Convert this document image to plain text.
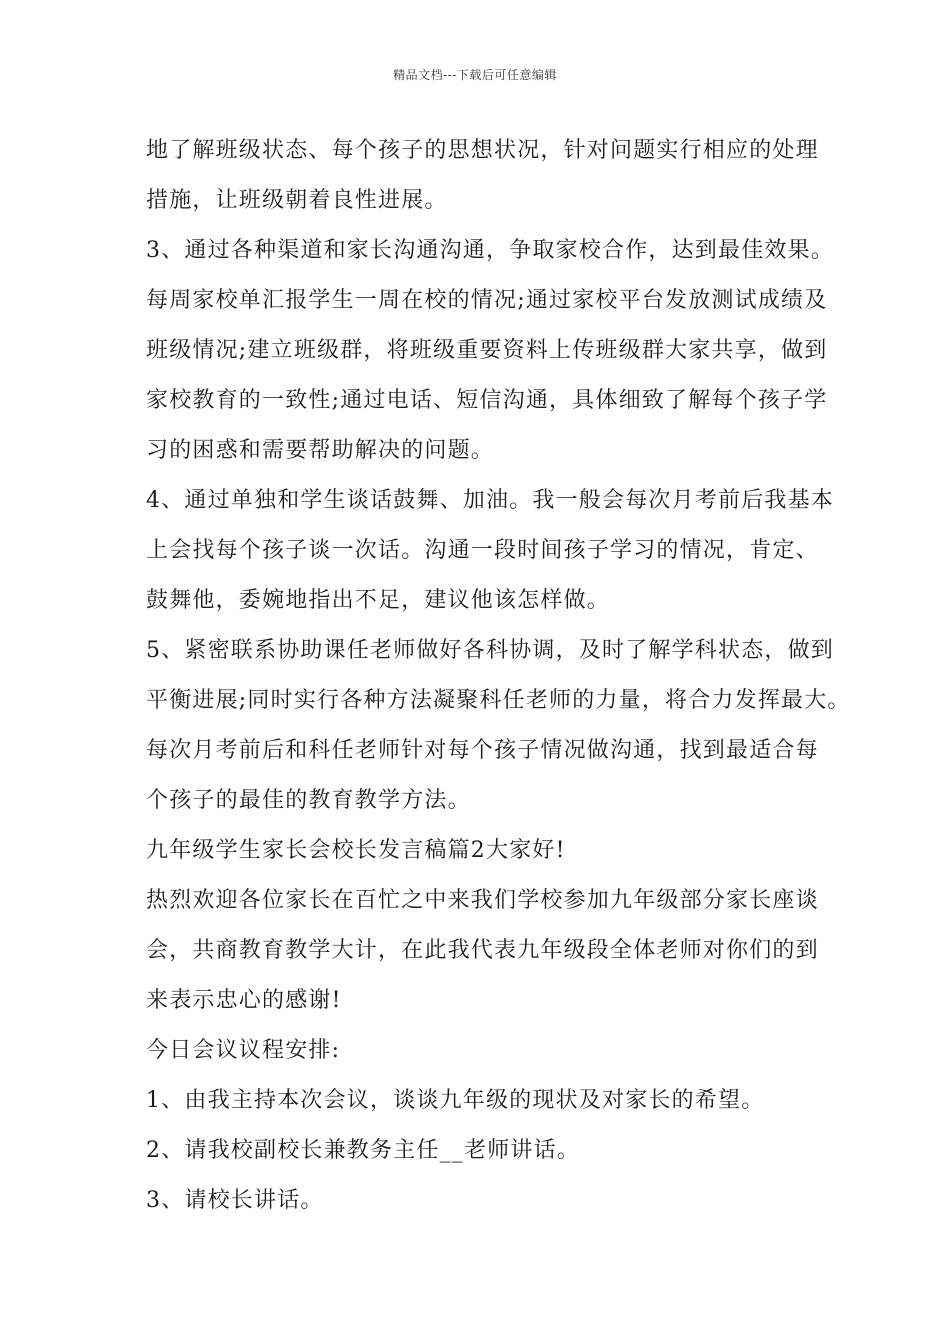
精品文档---下载后可任意编辑
地了解班级状态、每个孩子的思想状况，针对问题实行相应的处理
措施，让班级朝着良性进展。
3、通过各种渠道和家长沟通沟通，争取家校合作，达到最佳效果。
每周家校单汇报学生一周在校的情况;通过家校平台发放测试成绩及
班级情况;建立班级群，将班级重要资料上传班级群大家共享，做到
家校教育的一致性;通过电话、短信沟通，具体细致了解每个孩子学
习的困惑和需要帮助解决的问题。
4、通过单独和学生谈话鼓舞、加油。我一般会每次月考前后我基本
上会找每个孩子谈一次话。沟通一段时间孩子学习的情况，肯定、
鼓舞他，委婉地指出不足，建议他该怎样做。
5、紧密联系协助课任老师做好各科协调，及时了解学科状态，做到
平衡进展;同时实行各种方法凝聚科任老师的力量，将合力发挥最大。
每次月考前后和科任老师针对每个孩子情况做沟通，找到最适合每
个孩子的最佳的教育教学方法。
九年级学生家长会校长发言稿篇2大家好!
热烈欢迎各位家长在百忙之中来我们学校参加九年级部分家长座谈
会，共商教育教学大计，在此我代表九年级段全体老师对你们的到
来表示忠心的感谢!
今日会议议程安排:
1、由我主持本次会议，谈谈九年级的现状及对家长的希望。
2、请我校副校长兼教务主任__老师讲话。
3、请校长讲话。
